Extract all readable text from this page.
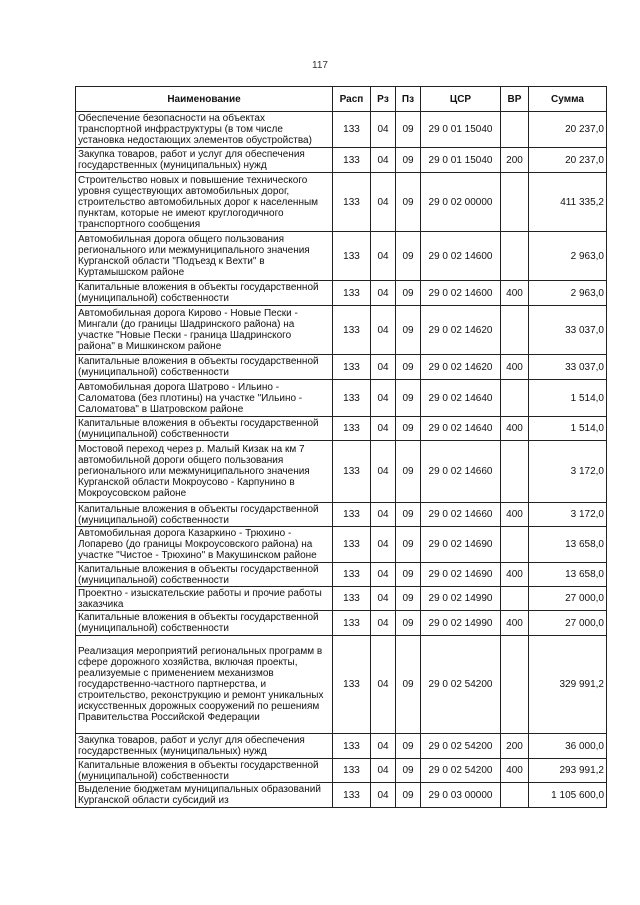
117
Наименование	Расп	Рз	Пз	ЦСР	ВР	Сумма
Обеспечение безопасности на объектах транспортной инфраструктуры (в том числе установка недостающих элементов обустройства)	133	04	09	29 0 01 15040		20 237,0
Закупка товаров, работ и услуг для обеспечения государственных (муниципальных) нужд	133	04	09	29 0 01 15040	200	20 237,0
Строительство новых и повышение технического уровня существующих автомобильных дорог, строительство автомобильных дорог к населенным пунктам, которые не имеют круглогодичного транспортного сообщения	133	04	09	29 0 02 00000		411 335,2
Автомобильная дорога общего пользования регионального или межмуниципального значения Курганской области "Подъезд к Вехти" в Куртамышском районе	133	04	09	29 0 02 14600		2 963,0
Капитальные вложения в объекты государственной (муниципальной) собственности	133	04	09	29 0 02 14600	400	2 963,0
Автомобильная дорога Кирово - Новые Пески - Мингали (до границы Шадринского района) на участке "Новые Пески - граница Шадринского района" в Мишкинском районе	133	04	09	29 0 02 14620		33 037,0
Капитальные вложения в объекты государственной (муниципальной) собственности	133	04	09	29 0 02 14620	400	33 037,0
Автомобильная дорога Шатрово - Ильино - Саломатова (без плотины) на участке "Ильино - Саломатова" в Шатровском районе	133	04	09	29 0 02 14640		1 514,0
Капитальные вложения в объекты государственной (муниципальной) собственности	133	04	09	29 0 02 14640	400	1 514,0
Мостовой переход через р. Малый Кизак на км 7 автомобильной дороги общего пользования регионального или межмуниципального значения Курганской области Мокроусово - Карпунино в Мокроусовском районе	133	04	09	29 0 02 14660		3 172,0
Капитальные вложения в объекты государственной (муниципальной) собственности	133	04	09	29 0 02 14660	400	3 172,0
Автомобильная дорога Казаркино - Трюхино - Лопарево (до границы Мокроусовского района) на участке "Чистое - Трюхино" в Макушинском районе	133	04	09	29 0 02 14690		13 658,0
Капитальные вложения в объекты государственной (муниципальной) собственности	133	04	09	29 0 02 14690	400	13 658,0
Проектно - изыскательские работы и прочие работы заказчика	133	04	09	29 0 02 14990		27 000,0
Капитальные вложения в объекты государственной (муниципальной) собственности	133	04	09	29 0 02 14990	400	27 000,0
Реализация мероприятий региональных программ в сфере дорожного хозяйства, включая проекты, реализуемые с применением механизмов государственно-частного партнерства, и строительство, реконструкцию и ремонт уникальных искусственных дорожных сооружений по решениям Правительства Российской Федерации	133	04	09	29 0 02 54200		329 991,2
Закупка товаров, работ и услуг для обеспечения государственных (муниципальных) нужд	133	04	09	29 0 02 54200	200	36 000,0
Капитальные вложения в объекты государственной (муниципальной) собственности	133	04	09	29 0 02 54200	400	293 991,2
Выделение бюджетам муниципальных образований Курганской области субсидий из	133	04	09	29 0 03 00000		1 105 600,0
